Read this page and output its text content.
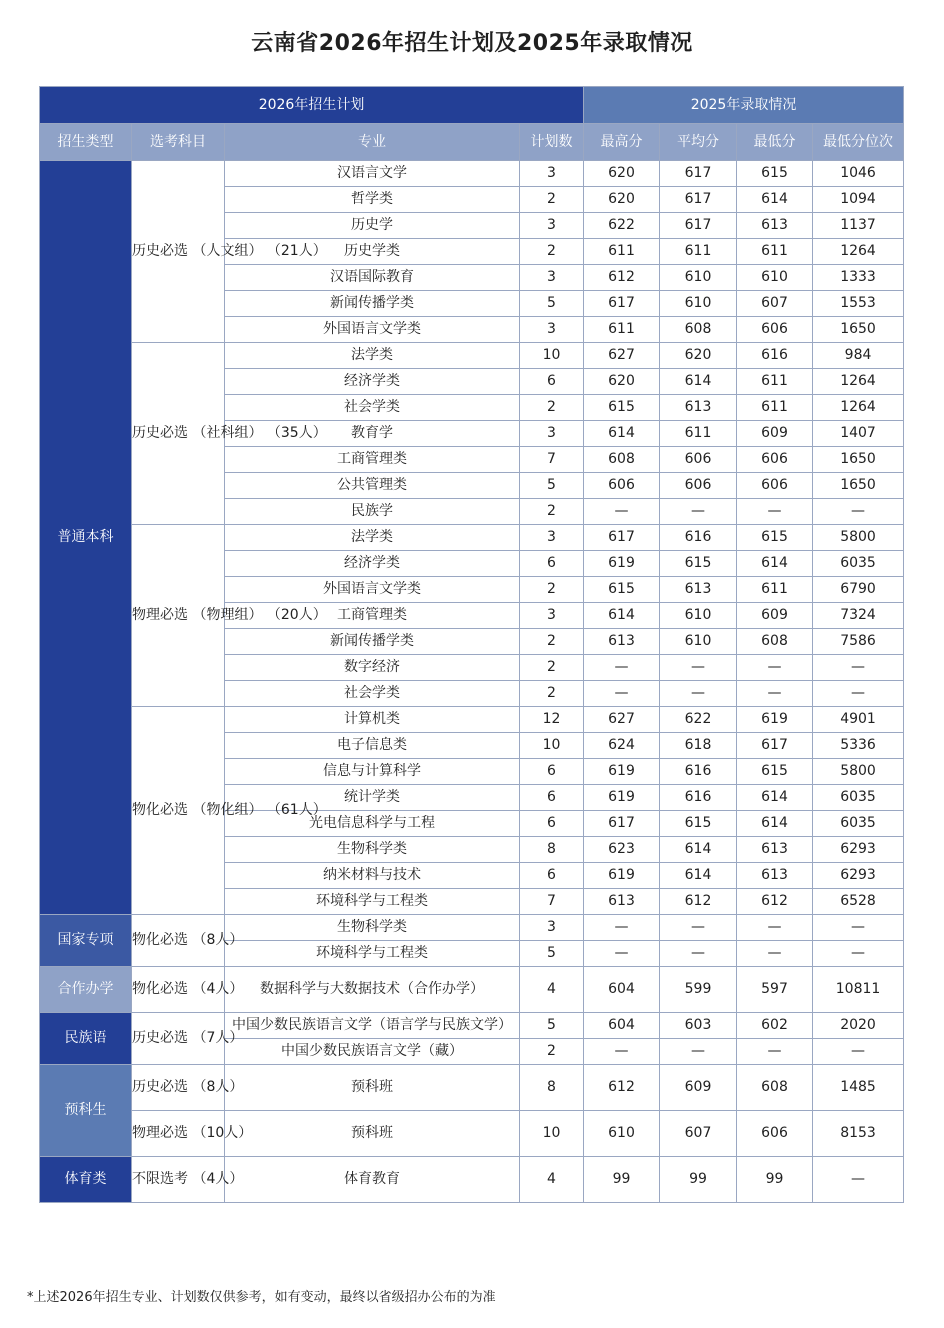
云南省2026年招生计划及2025年录取情况
2026年招生计划				2025年录取情况			
招生类型	选考科目	专业	计划数	最高分	平均分	最低分	最低分位次
普通本科	历史必选 （人文组） （21人）	汉语言文学	3	620	617	615	1046
		哲学类	2	620	617	614	1094
		历史学	3	622	617	613	1137
		历史学类	2	611	611	611	1264
		汉语国际教育	3	612	610	610	1333
		新闻传播学类	5	617	610	607	1553
		外国语言文学类	3	611	608	606	1650
	历史必选 （社科组） （35人）	法学类	10	627	620	616	984
		经济学类	6	620	614	611	1264
		社会学类	2	615	613	611	1264
		教育学	3	614	611	609	1407
		工商管理类	7	608	606	606	1650
		公共管理类	5	606	606	606	1650
		民族学	2	—	—	—	—
	物理必选 （物理组） （20人）	法学类	3	617	616	615	5800
		经济学类	6	619	615	614	6035
		外国语言文学类	2	615	613	611	6790
		工商管理类	3	614	610	609	7324
		新闻传播学类	2	613	610	608	7586
		数字经济	2	—	—	—	—
		社会学类	2	—	—	—	—
	物化必选 （物化组） （61人）	计算机类	12	627	622	619	4901
		电子信息类	10	624	618	617	5336
		信息与计算科学	6	619	616	615	5800
		统计学类	6	619	616	614	6035
		光电信息科学与工程	6	617	615	614	6035
		生物科学类	8	623	614	613	6293
		纳米材料与技术	6	619	614	613	6293
		环境科学与工程类	7	613	612	612	6528
国家专项	物化必选 （8人）	生物科学类	3	—	—	—	—
		环境科学与工程类	5	—	—	—	—
合作办学	物化必选 （4人）	数据科学与大数据技术（合作办学）	4	604	599	597	10811
民族语	历史必选 （7人）	中国少数民族语言文学（语言学与民族文学）	5	604	603	602	2020
		中国少数民族语言文学（藏）	2	—	—	—	—
预科生	历史必选 （8人）	预科班	8	612	609	608	1485
	物理必选 （10人）	预科班	10	610	607	606	8153
体育类	不限选考 （4人）	体育教育	4	99	99	99	—
*上述2026年招生专业、计划数仅供参考，如有变动，最终以省级招办公布的为准
